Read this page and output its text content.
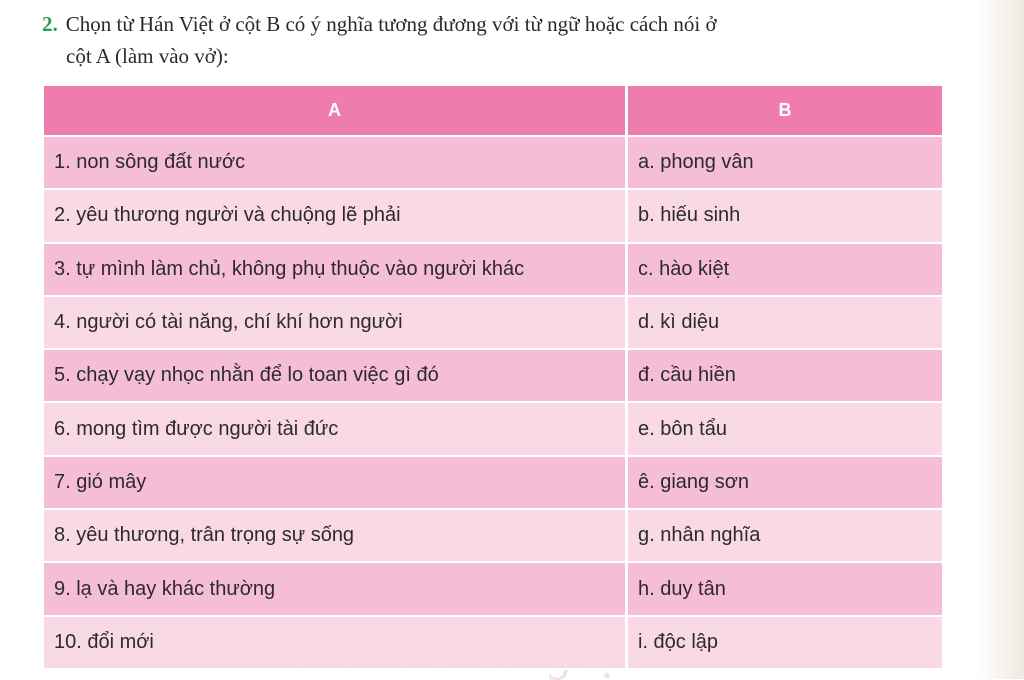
2. Chọn từ Hán Việt ở cột B có ý nghĩa tương đương với từ ngữ hoặc cách nói ở
cột A (làm vào vở):
A	B
1. non sông đất nước	a. phong vân
2. yêu thương người và chuộng lẽ phải	b. hiếu sinh
3. tự mình làm chủ, không phụ thuộc vào người khác	c. hào kiệt
4. người có tài năng, chí khí hơn người	d. kì diệu
5. chạy vạy nhọc nhằn để lo toan việc gì đó	đ. cầu hiền
6. mong tìm được người tài đức	e. bôn tẩu
7. gió mây	ê. giang sơn
8. yêu thương, trân trọng sự sống	g. nhân nghĩa
9. lạ và hay khác thường	h. duy tân
10. đổi mới	i. độc lập
